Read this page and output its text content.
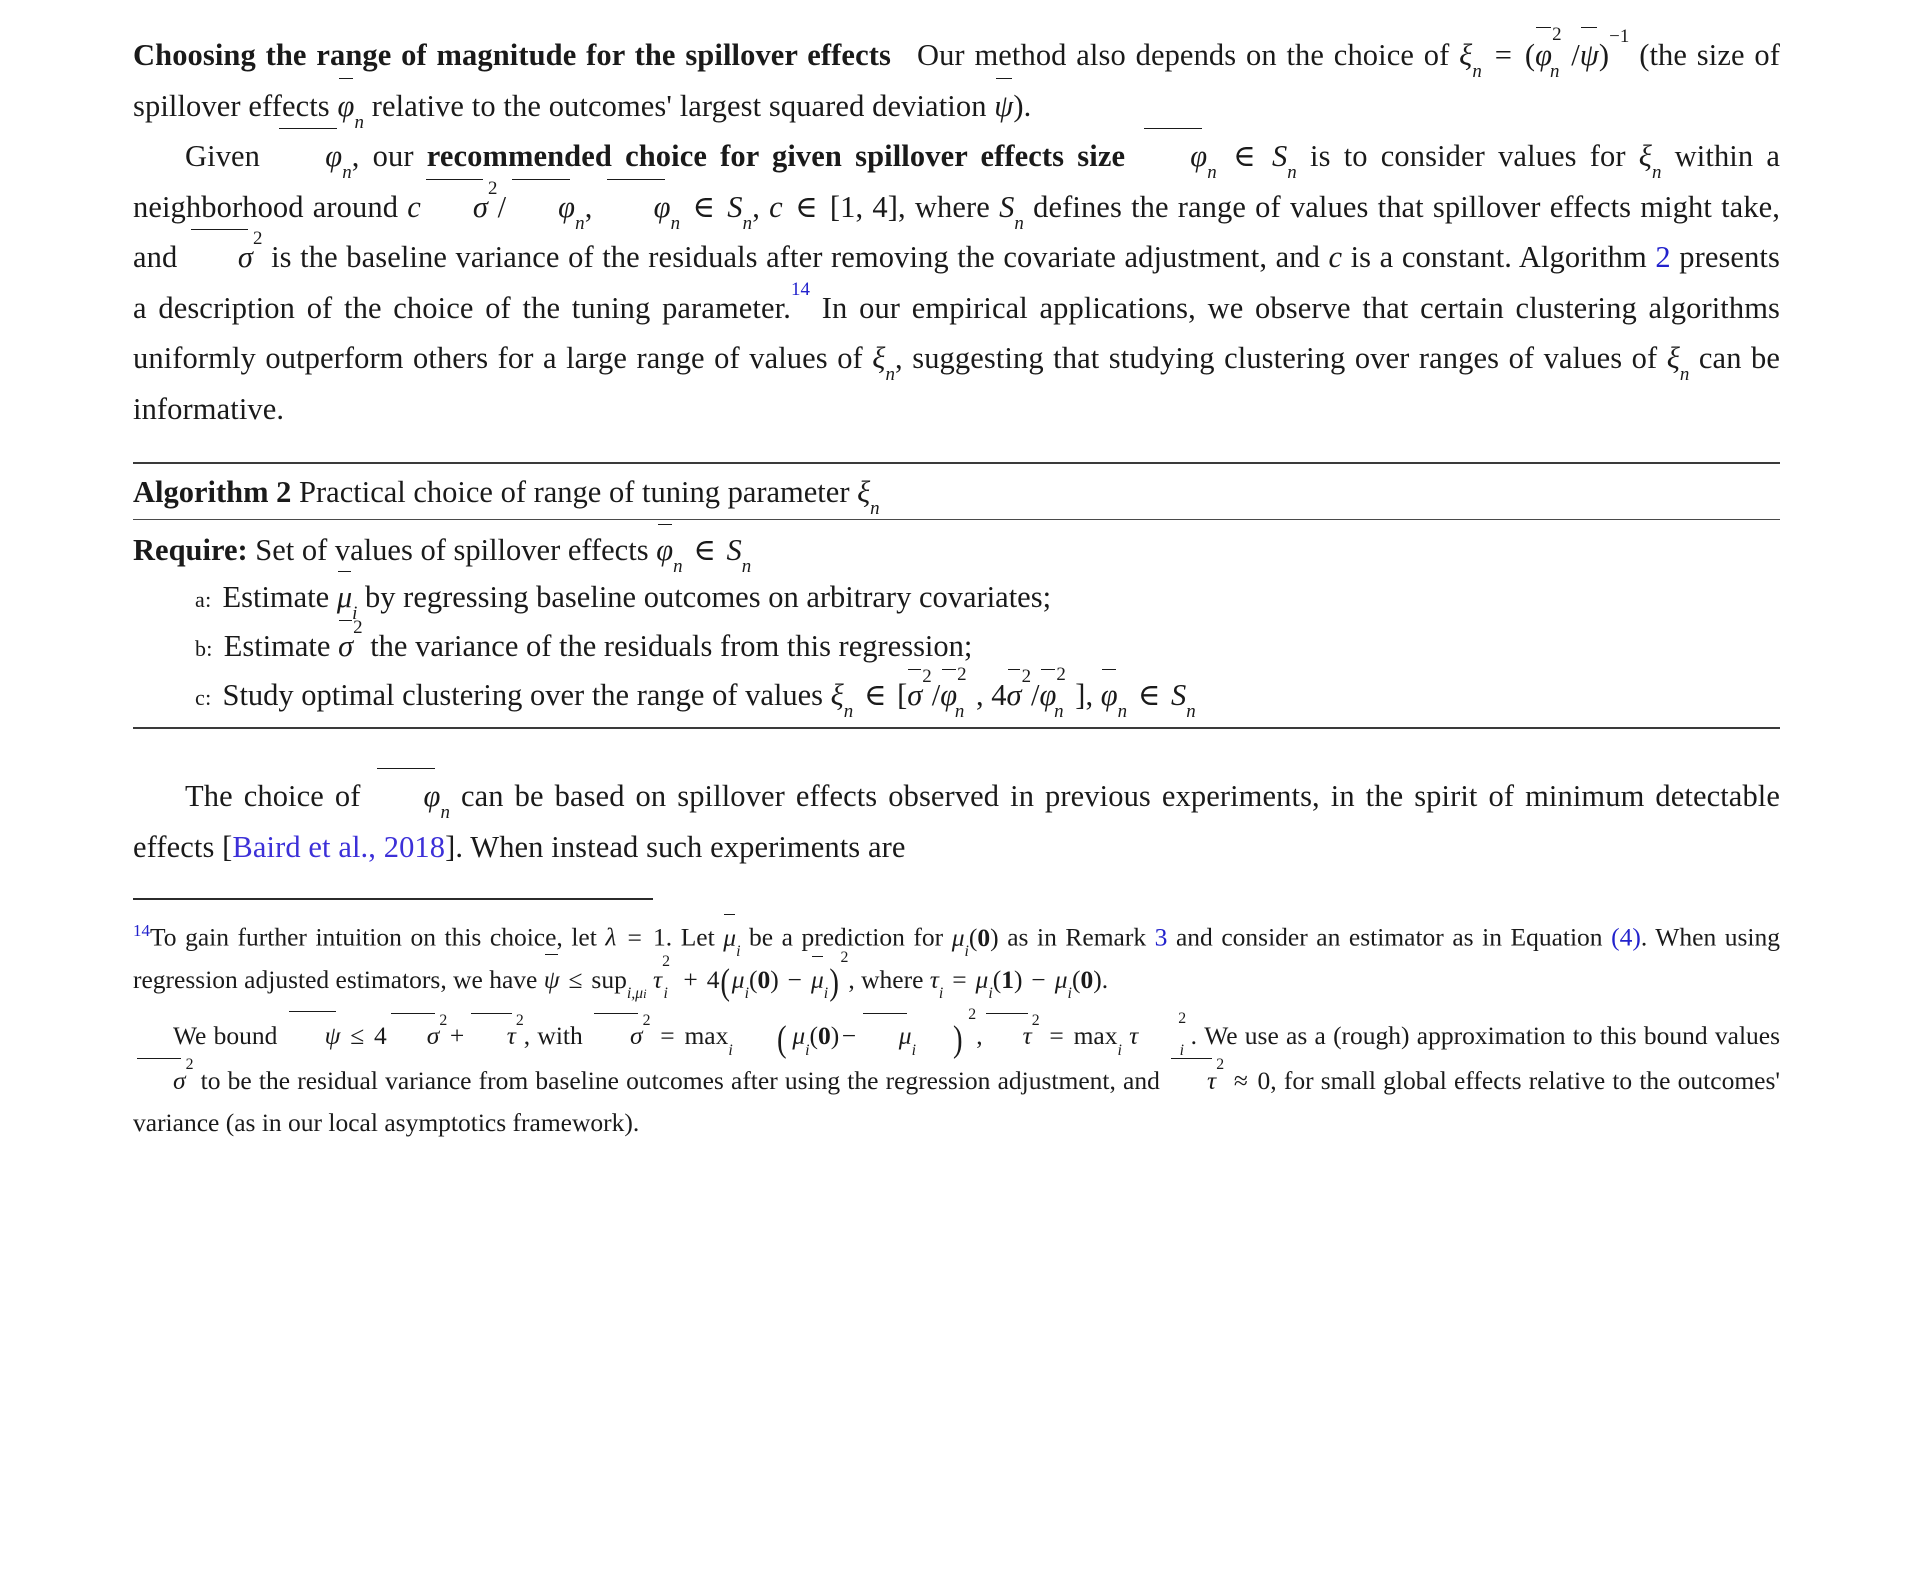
Choosing the range of magnitude for the spillover effects Our method also depends on the choice of $\xi_n = (\varphi^2_n$ /ψ)$^{-1}$ (the size of spillover effects $\varphi_n$ relative to the outcomes' largest squared deviation ψ).

Given $\varphi_n$, our recommended choice for given spillover effects size $\varphi_n$ ∈ $S_n$ is to consider values for $\xi_n$ within a neighborhood around c $\sigma^2/$ $\varphi_n$, $\varphi_n$ ∈ $S_n$, c ∈ [1, 4], where $S_n$ defines the range of values that spillover effects might take, and $\sigma^2$ is the baseline variance of the residuals after removing the covariate adjustment, and c is a constant. Algorithm 2 presents a description of the choice of the tuning parameter.$^{14}$ In our empirical applications, we observe that certain clustering algorithms uniformly outperform others for a large range of values of $\xi_n$, suggesting that studying clustering over ranges of values of $\xi_n$ can be informative.

Algorithm 2 Practical choice of range of tuning parameter $\xi_n$
Require: Set of values of spillover effects $\varphi_n$ ∈ $S_n$
a: Estimate $\mu_i$ by regressing baseline outcomes on arbitrary covariates;
b: Estimate $\sigma^2$ the variance of the residuals from this regression;
c: Study optimal clustering over the range of values $\xi_n$ ∈ [$\sigma^2/\varphi^2_n$ , $4\sigma^2/\varphi^2_n$ ], $\varphi_n$ ∈ $S_n$

The choice of $\varphi_n$ can be based on spillover effects observed in previous experiments, in the spirit of minimum detectable effects [Baird et al., 2018]. When instead such experiments are

$^{14}$To gain further intuition on this choice, let λ = 1. Let $\mu_i$ be a prediction for $\mu_i(0)$ as in Remark 3 and consider an estimator as in Equation (4). When using regression adjusted estimators, we have ψ ≤ sup$_{i,\mu i}$ $\tau^2_i + 4(\mu_i(0) - \mu_i)^2$, where $\tau_i = \mu_i(1) - \mu_i(0)$.

We bound ψ ≤ 4 $\sigma^2+ \tau^2$, with $\sigma^2 = \max_i$ ( $\mu_i(0)- \mu_i$ )$^2$, $\tau^2 = \max_i \tau^2_i$. We use as a (rough) approximation to this bound values $\sigma^2$ to be the residual variance from baseline outcomes after using the regression adjustment, and $\tau^2 \approx 0$, for small global effects relative to the outcomes' variance (as in our local asymptotics framework).
